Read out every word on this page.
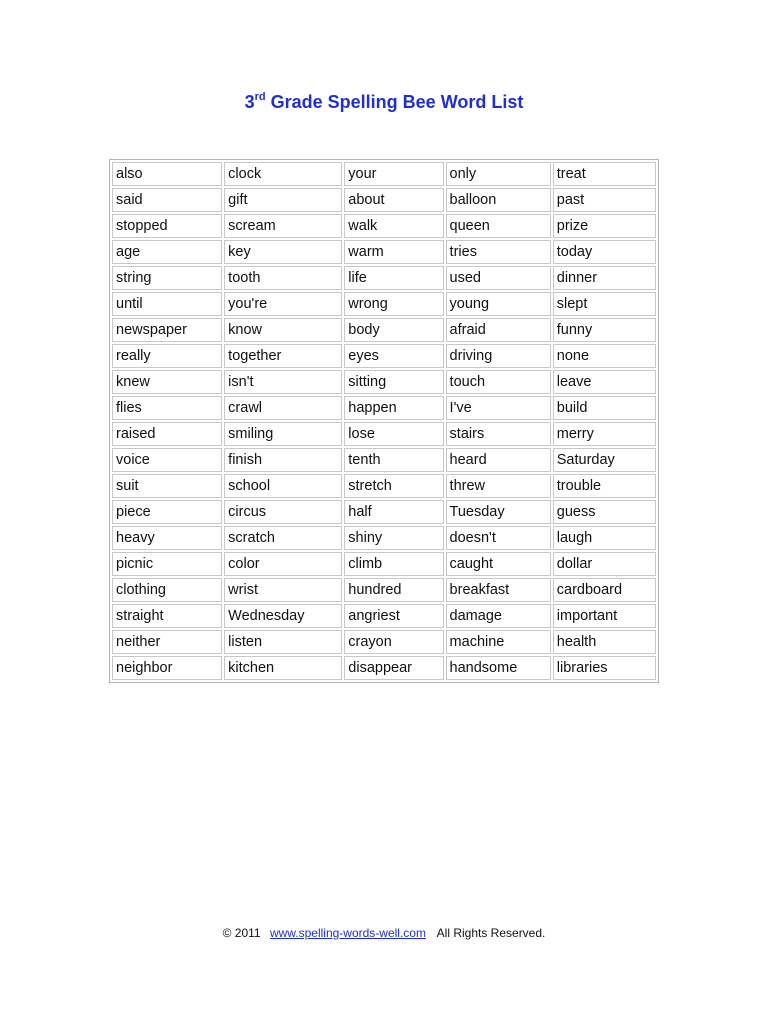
3rd Grade Spelling Bee Word List
also	clock	your	only	treat
said	gift	about	balloon	past
stopped	scream	walk	queen	prize
age	key	warm	tries	today
string	tooth	life	used	dinner
until	you're	wrong	young	slept
newspaper	know	body	afraid	funny
really	together	eyes	driving	none
knew	isn't	sitting	touch	leave
flies	crawl	happen	I've	build
raised	smiling	lose	stairs	merry
voice	finish	tenth	heard	Saturday
suit	school	stretch	threw	trouble
piece	circus	half	Tuesday	guess
heavy	scratch	shiny	doesn't	laugh
picnic	color	climb	caught	dollar
clothing	wrist	hundred	breakfast	cardboard
straight	Wednesday	angriest	damage	important
neither	listen	crayon	machine	health
neighbor	kitchen	disappear	handsome	libraries
© 2011 www.spelling-words-well.com All Rights Reserved.
